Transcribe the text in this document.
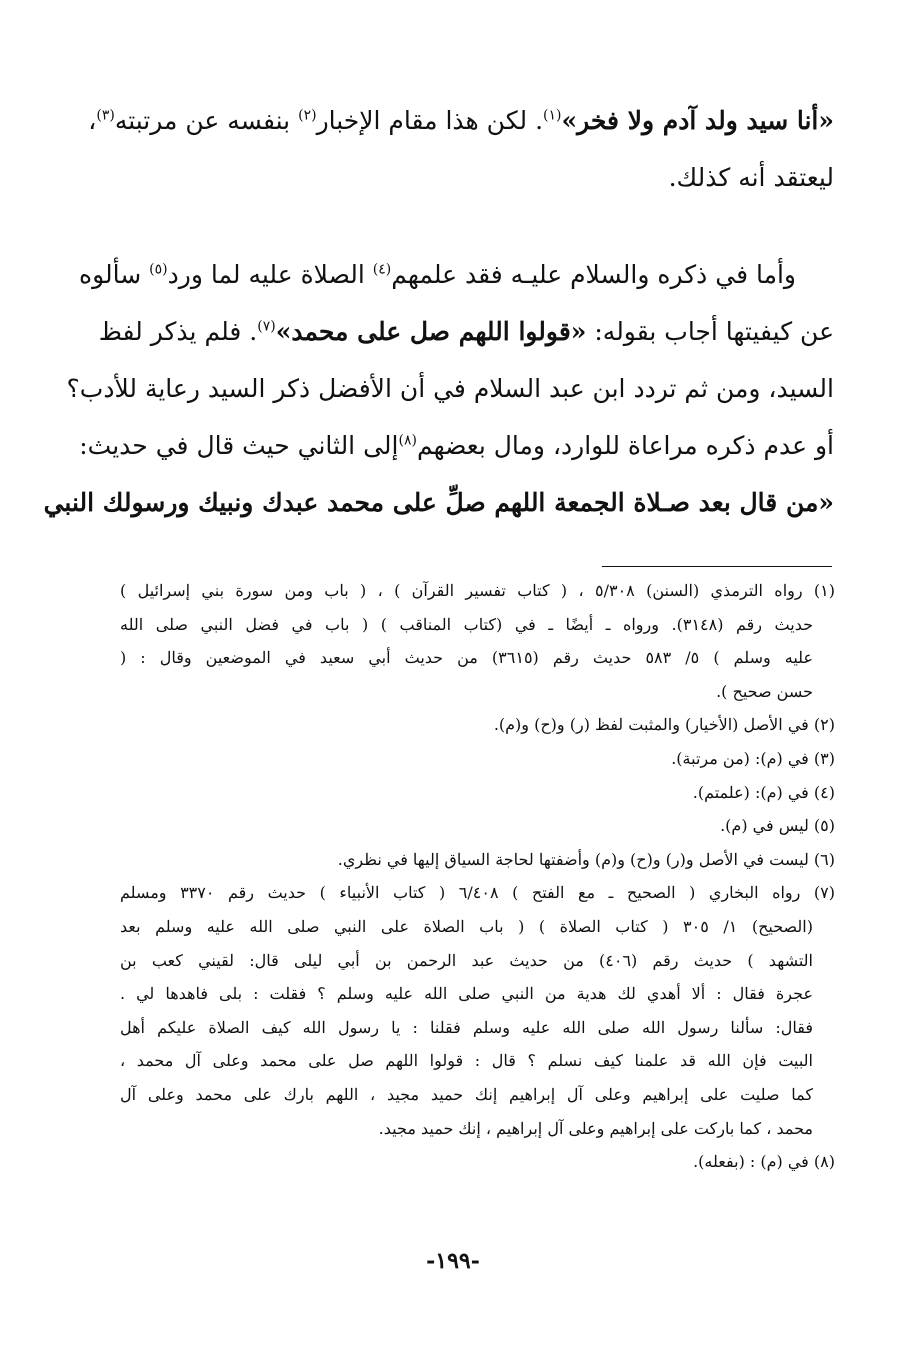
«أنا سيد ولد آدم ولا فخر»$^{(١)}$. لكن هذا مقام الإخبار$^{(٢)}$ بنفسه عن مرتبته$^{(٣)}$،
ليعتقد أنه كذلك.
وأما في ذكره والسلام عليـه فقد علمهم$^{(٤)}$ الصلاة عليه لما ورد$^{(٥)}$ سألوه
عن كيفيتها أجاب بقوله: «قولوا اللهم صل على محمد»$^{(٧)}$. فلم يذكر لفظ
السيد، ومن ثم تردد ابن عبد السلام في أن الأفضل ذكر السيد رعاية للأدب؟
أو عدم ذكره مراعاة للوارد، ومال بعضهم$^{(٨)}$إلى الثاني حيث قال في حديث:
«من قال بعد صـلاة الجمعة اللهم صلِّ على محمد عبدك ونبيك ورسولك النبي
(١) رواه الترمذي (السنن) ٥/٣٠٨ ، ( كتاب تفسير القرآن ) ، ( باب ومن سورة بني إسرائيل )
حديث رقم (٣١٤٨). ورواه ـ أيضًا ـ في (كتاب المناقب ) ( باب في فضل النبي صلى الله
عليه وسلم ) ٥/ ٥٨٣ حديث رقم (٣٦١٥) من حديث أبي سعيد في الموضعين وقال : (
حسن صحيح ).
(٢) في الأصل (الأخيار) والمثبت لفظ (ر) و(ح) و(م).
(٣) في (م): (من مرتبة).
(٤) في (م): (علمتم).
(٥) ليس في (م).
(٦) ليست في الأصل و(ر) و(ح) و(م) وأضفتها لحاجة السياق إليها في نظري.
(٧) رواه البخاري ( الصحيح ـ مع الفتح ) ٦/٤٠٨ ( كتاب الأنبياء ) حديث رقم ٣٣٧٠ ومسلم
(الصحيح) ١/ ٣٠٥ ( كتاب الصلاة ) ( باب الصلاة على النبي صلى الله عليه وسلم بعد
التشهد ) حديث رقم (٤٠٦) من حديث عبد الرحمن بن أبي ليلى قال: لقيني كعب بن
عجرة فقال : ألا أهدي لك هدية من النبي صلى الله عليه وسلم ؟ فقلت : بلى فاهدها لي .
فقال: سألنا رسول الله صلى الله عليه وسلم فقلنا : يا رسول الله كيف الصلاة عليكم أهل
البيت فإن الله قد علمنا كيف نسلم ؟ قال : قولوا اللهم صل على محمد وعلى آل محمد ،
كما صليت على إبراهيم وعلى آل إبراهيم إنك حميد مجيد ، اللهم بارك على محمد وعلى آل
محمد ، كما باركت على إبراهيم وعلى آل إبراهيم ، إنك حميد مجيد.
(٨) في (م) : (بفعله).
-١٩٩-
